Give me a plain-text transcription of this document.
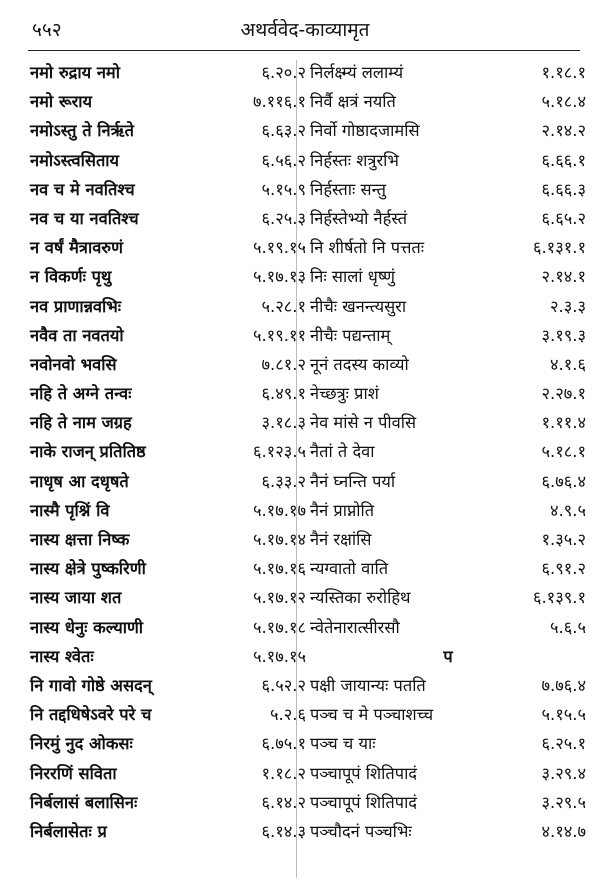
५५२	अथर्ववेद-काव्यामृत
नमो रुद्राय नमो	६.२०.२
नमो रूराय	७.११६.१
नमोऽस्तु ते निर्ऋते	६.६३.२
नमोऽस्त्वसिताय	६.५६.२
नव च मे नवतिश्च	५.१५.९
नव च या नवतिश्च	६.२५.३
न वर्षं मैत्रावरुणं	५.१९.१५
न विकर्णः पृथु	५.१७.१३
नव प्राणान्नवभिः	५.२८.१
नवैव ता नवतयो	५.१९.११
नवोनवो भवसि	७.८१.२
नहि ते अग्ने तन्वः	६.४९.१
नहि ते नाम जग्रह	३.१८.३
नाके राजन् प्रतितिष्ठ	६.१२३.५
नाधृष आ दधृषते	६.३३.२
नास्मै पृश्निं वि	५.१७.१७
नास्य क्षत्ता निष्क	५.१७.१४
नास्य क्षेत्रे पुष्करिणी	५.१७.१६
नास्य जाया शत	५.१७.१२
नास्य धेनुः कल्याणी	५.१७.१८
नास्य श्वेतः	५.१७.१५
नि गावो गोष्ठे असदन्	६.५२.२
नि तद्दधिषेऽवरे परे च	५.२.६
निरमुं नुद ओकसः	६.७५.१
निररणिं सविता	१.१८.२
निर्बलासं बलासिनः	६.१४.२
निर्बलासेतः प्र	६.१४.३
निर्लक्ष्म्यं ललाम्यं	१.१८.१
निर्वै क्षत्रं नयति	५.१८.४
निर्वो गोष्ठादजामसि	२.१४.२
निर्हस्तः शत्रुरभि	६.६६.१
निर्हस्ताः सन्तु	६.६६.३
निर्हस्तेभ्यो नैर्हस्तं	६.६५.२
नि शीर्षतो नि पत्ततः	६.१३१.१
निः सालां धृष्णुं	२.१४.१
नीचैः खनन्त्यसुरा	२.३.३
नीचैः पद्यन्ताम्	३.१९.३
नूनं तदस्य काव्यो	४.१.६
नेच्छत्रुः प्राशं	२.२७.१
नेव मांसे न पीवसि	१.११.४
नैतां ते देवा	५.१८.१
नैनं घ्नन्ति पर्या	६.७६.४
नैनं प्राप्नोति	४.९.५
नैनं रक्षांसि	१.३५.२
न्यग्वातो वाति	६.९१.२
न्यस्तिका रुरोहिथ	६.१३९.१
न्वेतेनारात्सीरसौ	५.६.५
प
पक्षी जायान्यः पतति	७.७६.४
पञ्च च मे पञ्चाशच्च	५.१५.५
पञ्च च याः	६.२५.१
पञ्चापूपं शितिपादं	३.२९.४
पञ्चापूपं शितिपादं	३.२९.५
पञ्चौदनं पञ्चभिः	४.१४.७
